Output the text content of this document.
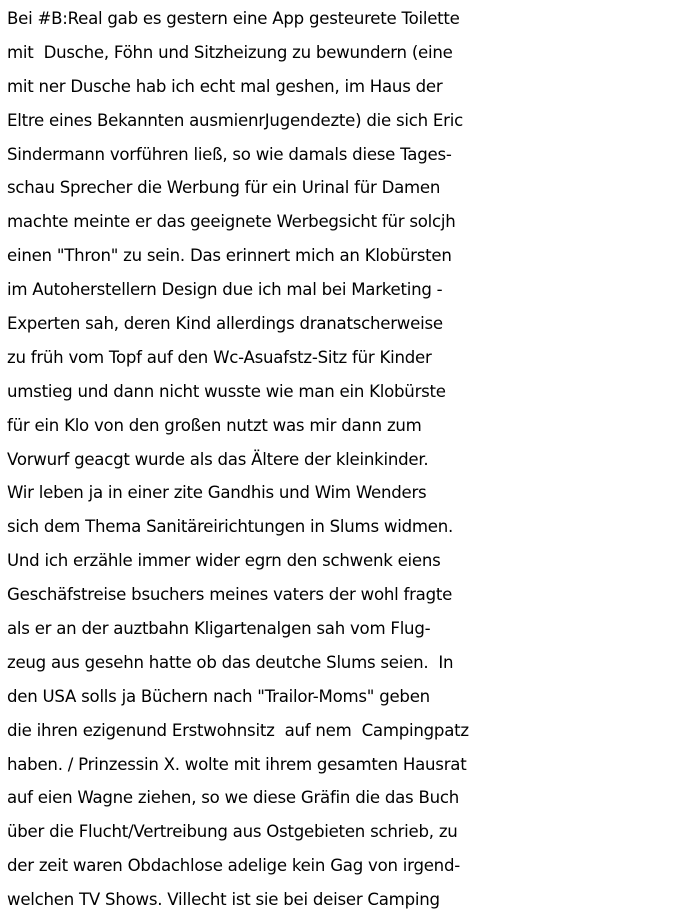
Bei #B:Real gab es gestern eine App gesteurete Toilette
mit  Dusche, Föhn und Sitzheizung zu bewundern (eine
mit ner Dusche hab ich echt mal geshen, im Haus der
Eltre eines Bekannten ausmienrJugendezte) die sich Eric
Sindermann vorführen ließ, so wie damals diese Tages-
schau Sprecher die Werbung für ein Urinal für Damen
machte meinte er das geeignete Werbegsicht für solcjh
einen "Thron" zu sein. Das erinnert mich an Klobürsten
im Autoherstellern Design due ich mal bei Marketing -
Experten sah, deren Kind allerdings dranatscherweise
zu früh vom Topf auf den Wc-Asuafstz-Sitz für Kinder
umstieg und dann nicht wusste wie man ein Klobürste
für ein Klo von den großen nutzt was mir dann zum
Vorwurf geacgt wurde als das Ältere der kleinkinder.
Wir leben ja in einer zite Gandhis und Wim Wenders
sich dem Thema Sanitäreirichtungen in Slums widmen.
Und ich erzähle immer wider egrn den schwenk eiens
Geschäfstreise bsuchers meines vaters der wohl fragte
als er an der auztbahn Kligartenalgen sah vom Flug-
zeug aus gesehn hatte ob das deutche Slums seien.  In
den USA solls ja Büchern nach "Trailor-Moms" geben
die ihren ezigenund Erstwohnsitz  auf nem  Campingpatz
haben. / Prinzessin X. wolte mit ihrem gesamten Hausrat
auf eien Wagne ziehen, so we diese Gräfin die das Buch
über die Flucht/Vertreibung aus Ostgebieten schrieb, zu
der zeit waren Obdachlose adelige kein Gag von irgend-
welchen TV Shows. Villecht ist sie bei deiser Camping
